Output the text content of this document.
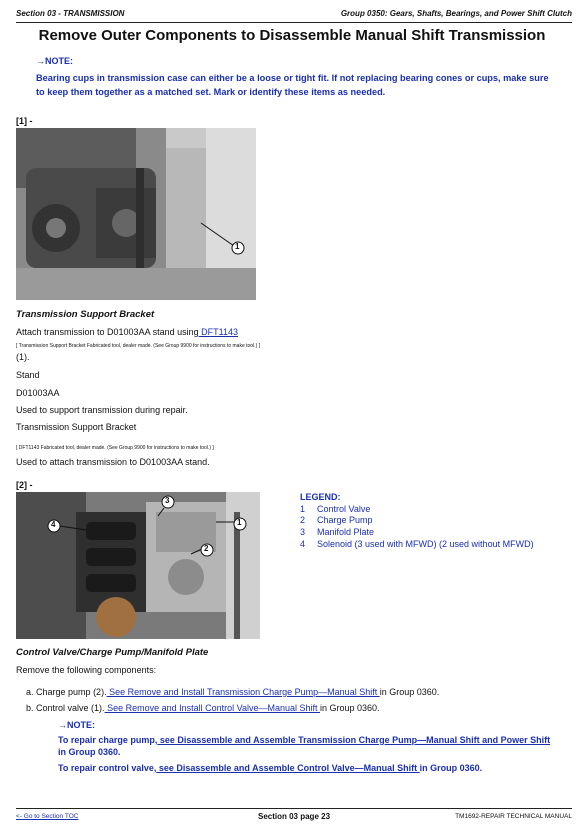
Section 03 - TRANSMISSION	Group 0350: Gears, Shafts, Bearings, and Power Shift Clutch
Remove Outer Components to Disassemble Manual Shift Transmission
→NOTE:
Bearing cups in transmission case can either be a loose or tight fit. If not replacing bearing cones or cups, make sure to keep them together as a matched set. Mark or identify these items as needed.
[1] -
1
Transmission Support Bracket
Attach transmission to D01003AA stand using DFT1143
[ Transmission Support Bracket Fabricated tool, dealer made. (See Group 9900 for instructions to make tool.) ]
(1).
Stand
D01003AA
Used to support transmission during repair.
Transmission Support Bracket
[ DFT1143 Fabricated tool, dealer made. (See Group 9900 for instructions to make tool.) ]
Used to attach transmission to D01003AA stand.
[2] -
1
2
3
4
LEGEND:
1 Control Valve
2 Charge Pump
3 Manifold Plate
4 Solenoid (3 used with MFWD) (2 used without MFWD)
Control Valve/Charge Pump/Manifold Plate
Remove the following components:
a. Charge pump (2). See Remove and Install Transmission Charge Pump—Manual Shift in Group 0360.
b. Control valve (1). See Remove and Install Control Valve—Manual Shift in Group 0360.
→NOTE:
To repair charge pump, see Disassemble and Assemble Transmission Charge Pump—Manual Shift and Power Shift in Group 0360.
To repair control valve, see Disassemble and Assemble Control Valve—Manual Shift in Group 0360.
<- Go to Section TOC	Section 03 page 23	TM1692-REPAIR TECHNICAL MANUAL
